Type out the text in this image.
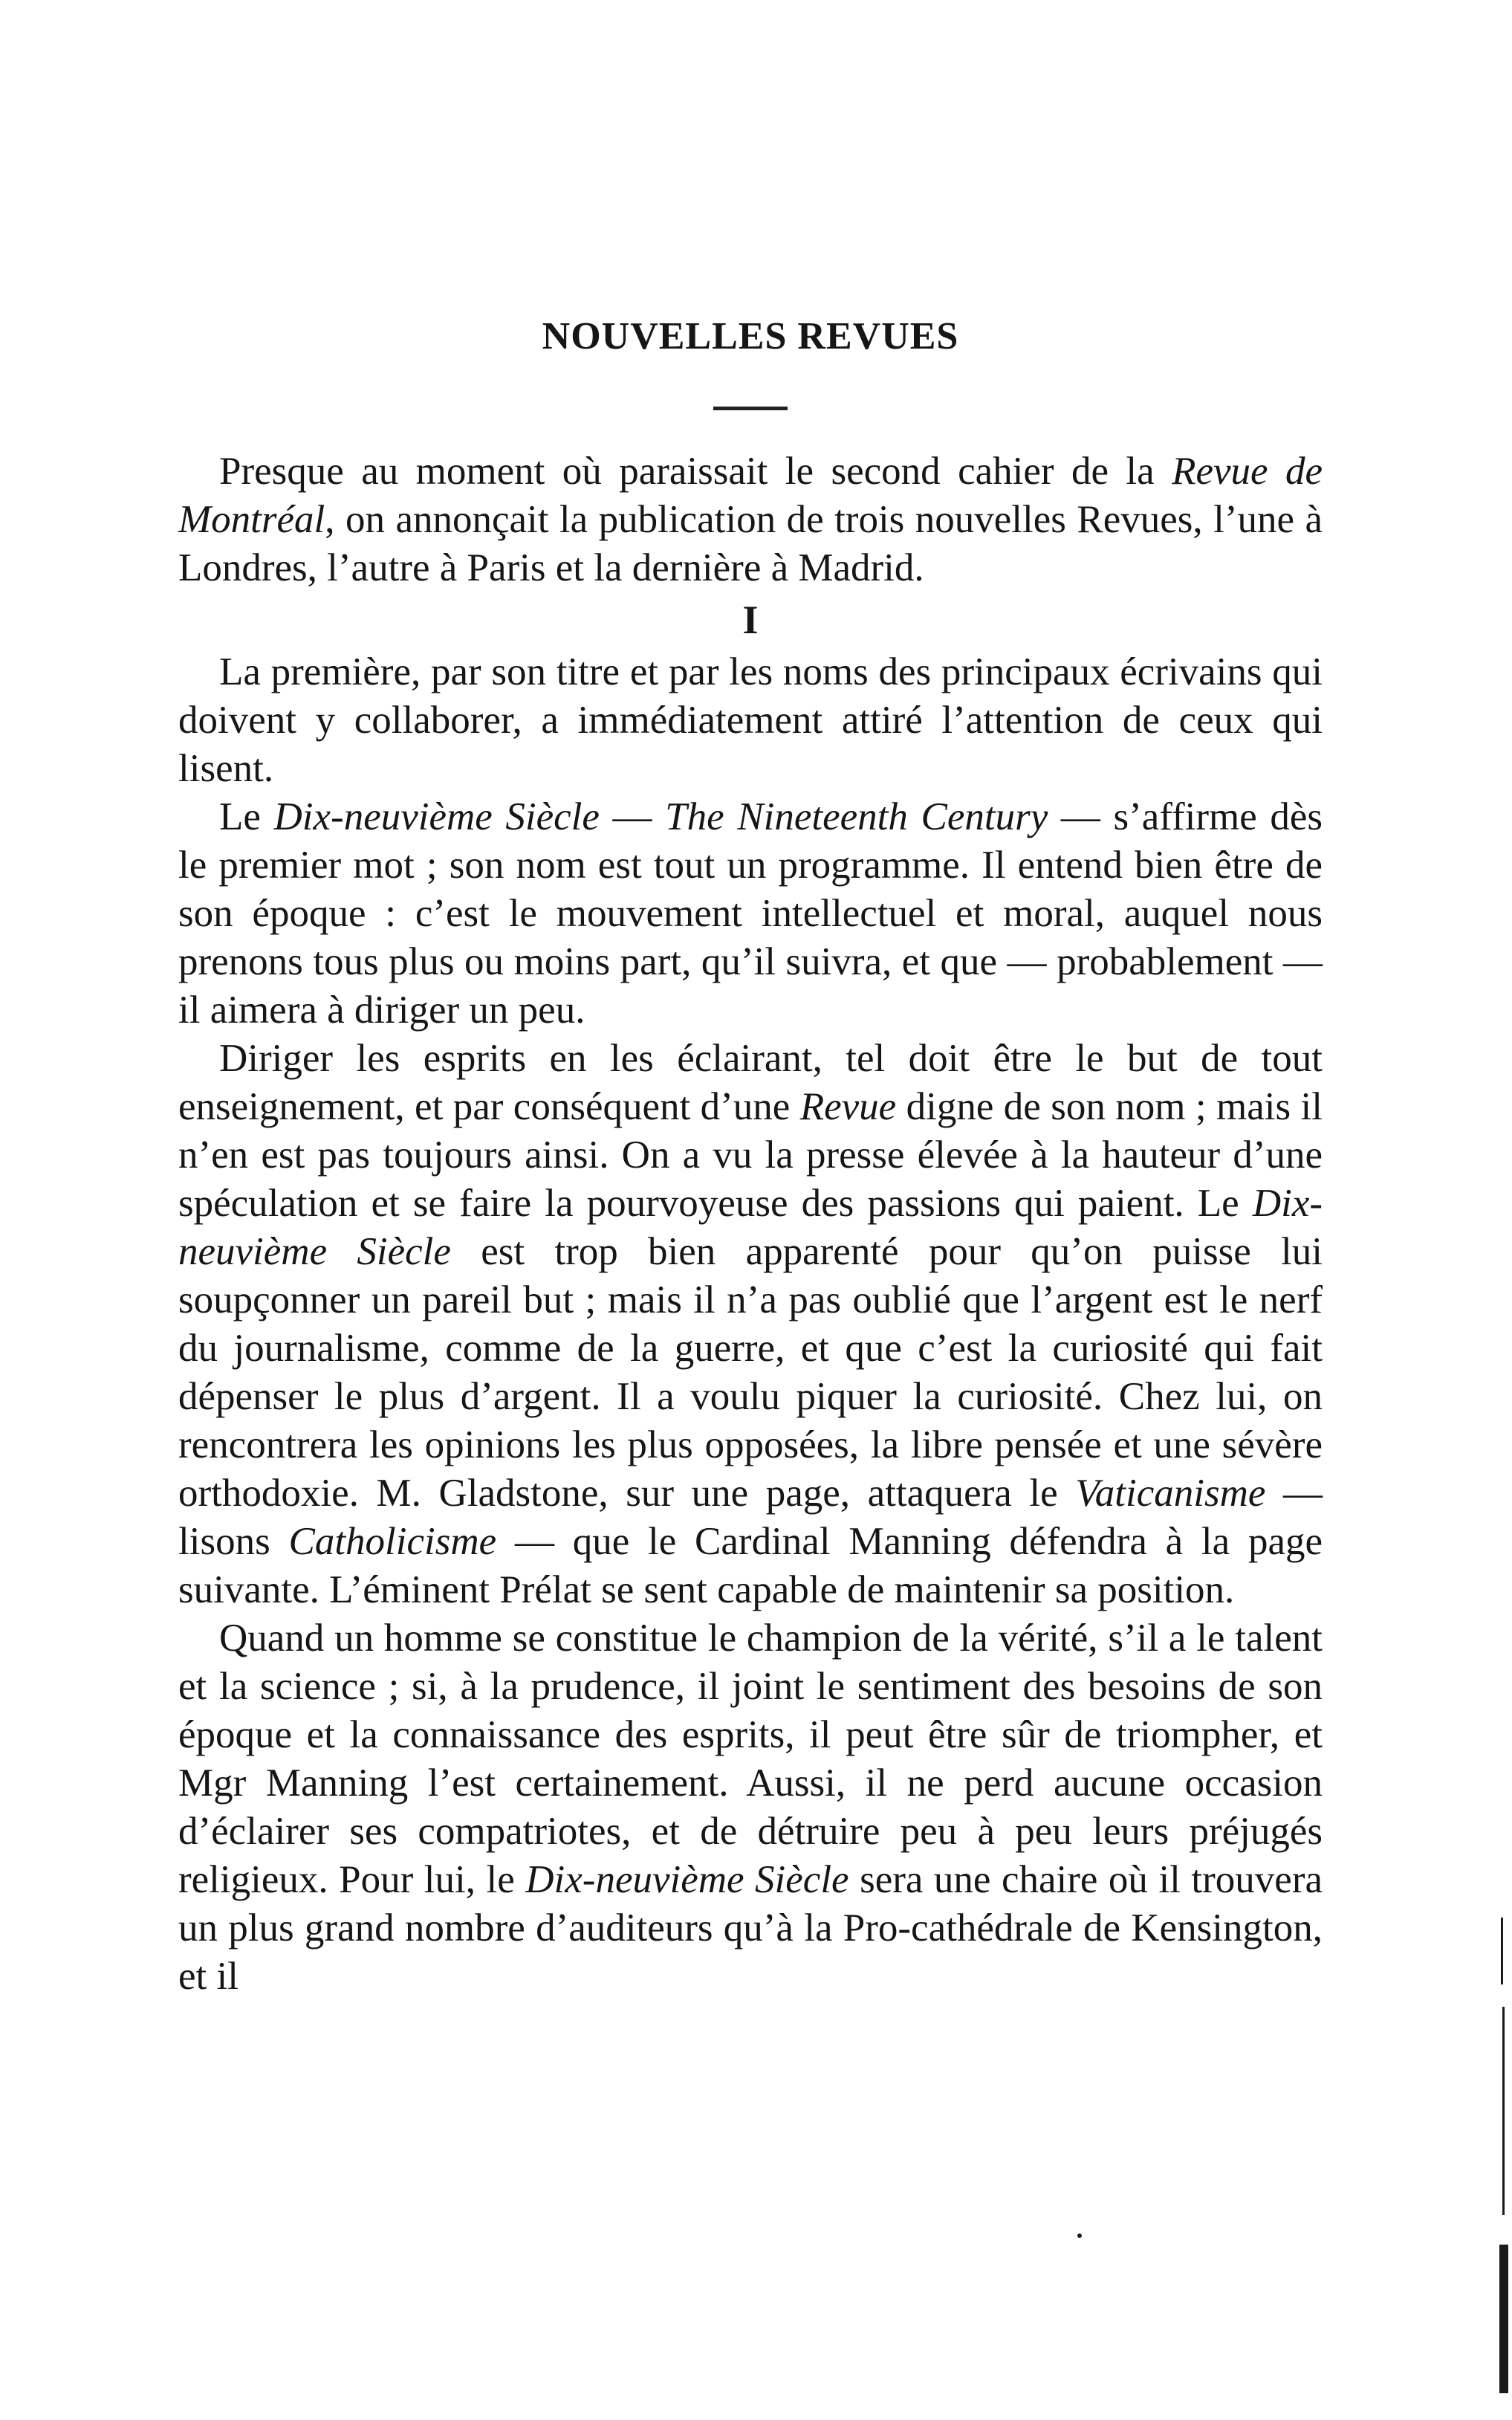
NOUVELLES REVUES

Presque au moment où paraissait le second cahier de la Revue de Montréal, on annonçait la publication de trois nouvelles Revues, l’une à Londres, l’autre à Paris et la dernière à Madrid.

I

La première, par son titre et par les noms des principaux écrivains qui doivent y collaborer, a immédiatement attiré l’attention de ceux qui lisent.

Le Dix-neuvième Siècle — The Nineteenth Century — s’affirme dès le premier mot ; son nom est tout un programme. Il entend bien être de son époque : c’est le mouvement intellectuel et moral, auquel nous prenons tous plus ou moins part, qu’il suivra, et que — probablement — il aimera à diriger un peu.

Diriger les esprits en les éclairant, tel doit être le but de tout enseignement, et par conséquent d’une Revue digne de son nom ; mais il n’en est pas toujours ainsi. On a vu la presse élevée à la hauteur d’une spéculation et se faire la pourvoyeuse des passions qui paient. Le Dix-neuvième Siècle est trop bien apparenté pour qu’on puisse lui soupçonner un pareil but ; mais il n’a pas oublié que l’argent est le nerf du journalisme, comme de la guerre, et que c’est la curiosité qui fait dépenser le plus d’argent. Il a voulu piquer la curiosité. Chez lui, on rencontrera les opinions les plus opposées, la libre pensée et une sévère orthodoxie. M. Gladstone, sur une page, attaquera le Vaticanisme — lisons Catholicisme — que le Cardinal Manning défendra à la page suivante. L’éminent Prélat se sent capable de maintenir sa position.

Quand un homme se constitue le champion de la vérité, s’il a le talent et la science ; si, à la prudence, il joint le sentiment des besoins de son époque et la connaissance des esprits, il peut être sûr de triompher, et Mgr Manning l’est certainement. Aussi, il ne perd aucune occasion d’éclairer ses compatriotes, et de détruire peu à peu leurs préjugés religieux. Pour lui, le Dix-neuvième Siècle sera une chaire où il trouvera un plus grand nombre d’auditeurs qu’à la Pro-cathédrale de Kensington, et il
